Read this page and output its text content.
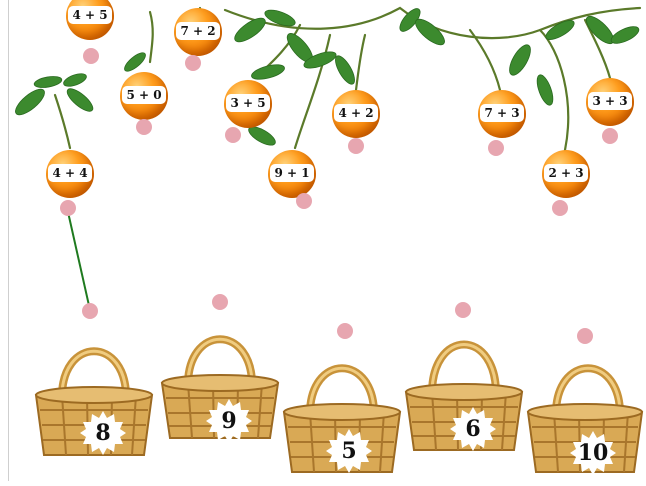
4 + 5
7 + 2
5 + 0
3 + 5
4 + 2	7 + 3
3 + 3
4 + 4	9 + 1	2 + 3
8	9
5
6
10
